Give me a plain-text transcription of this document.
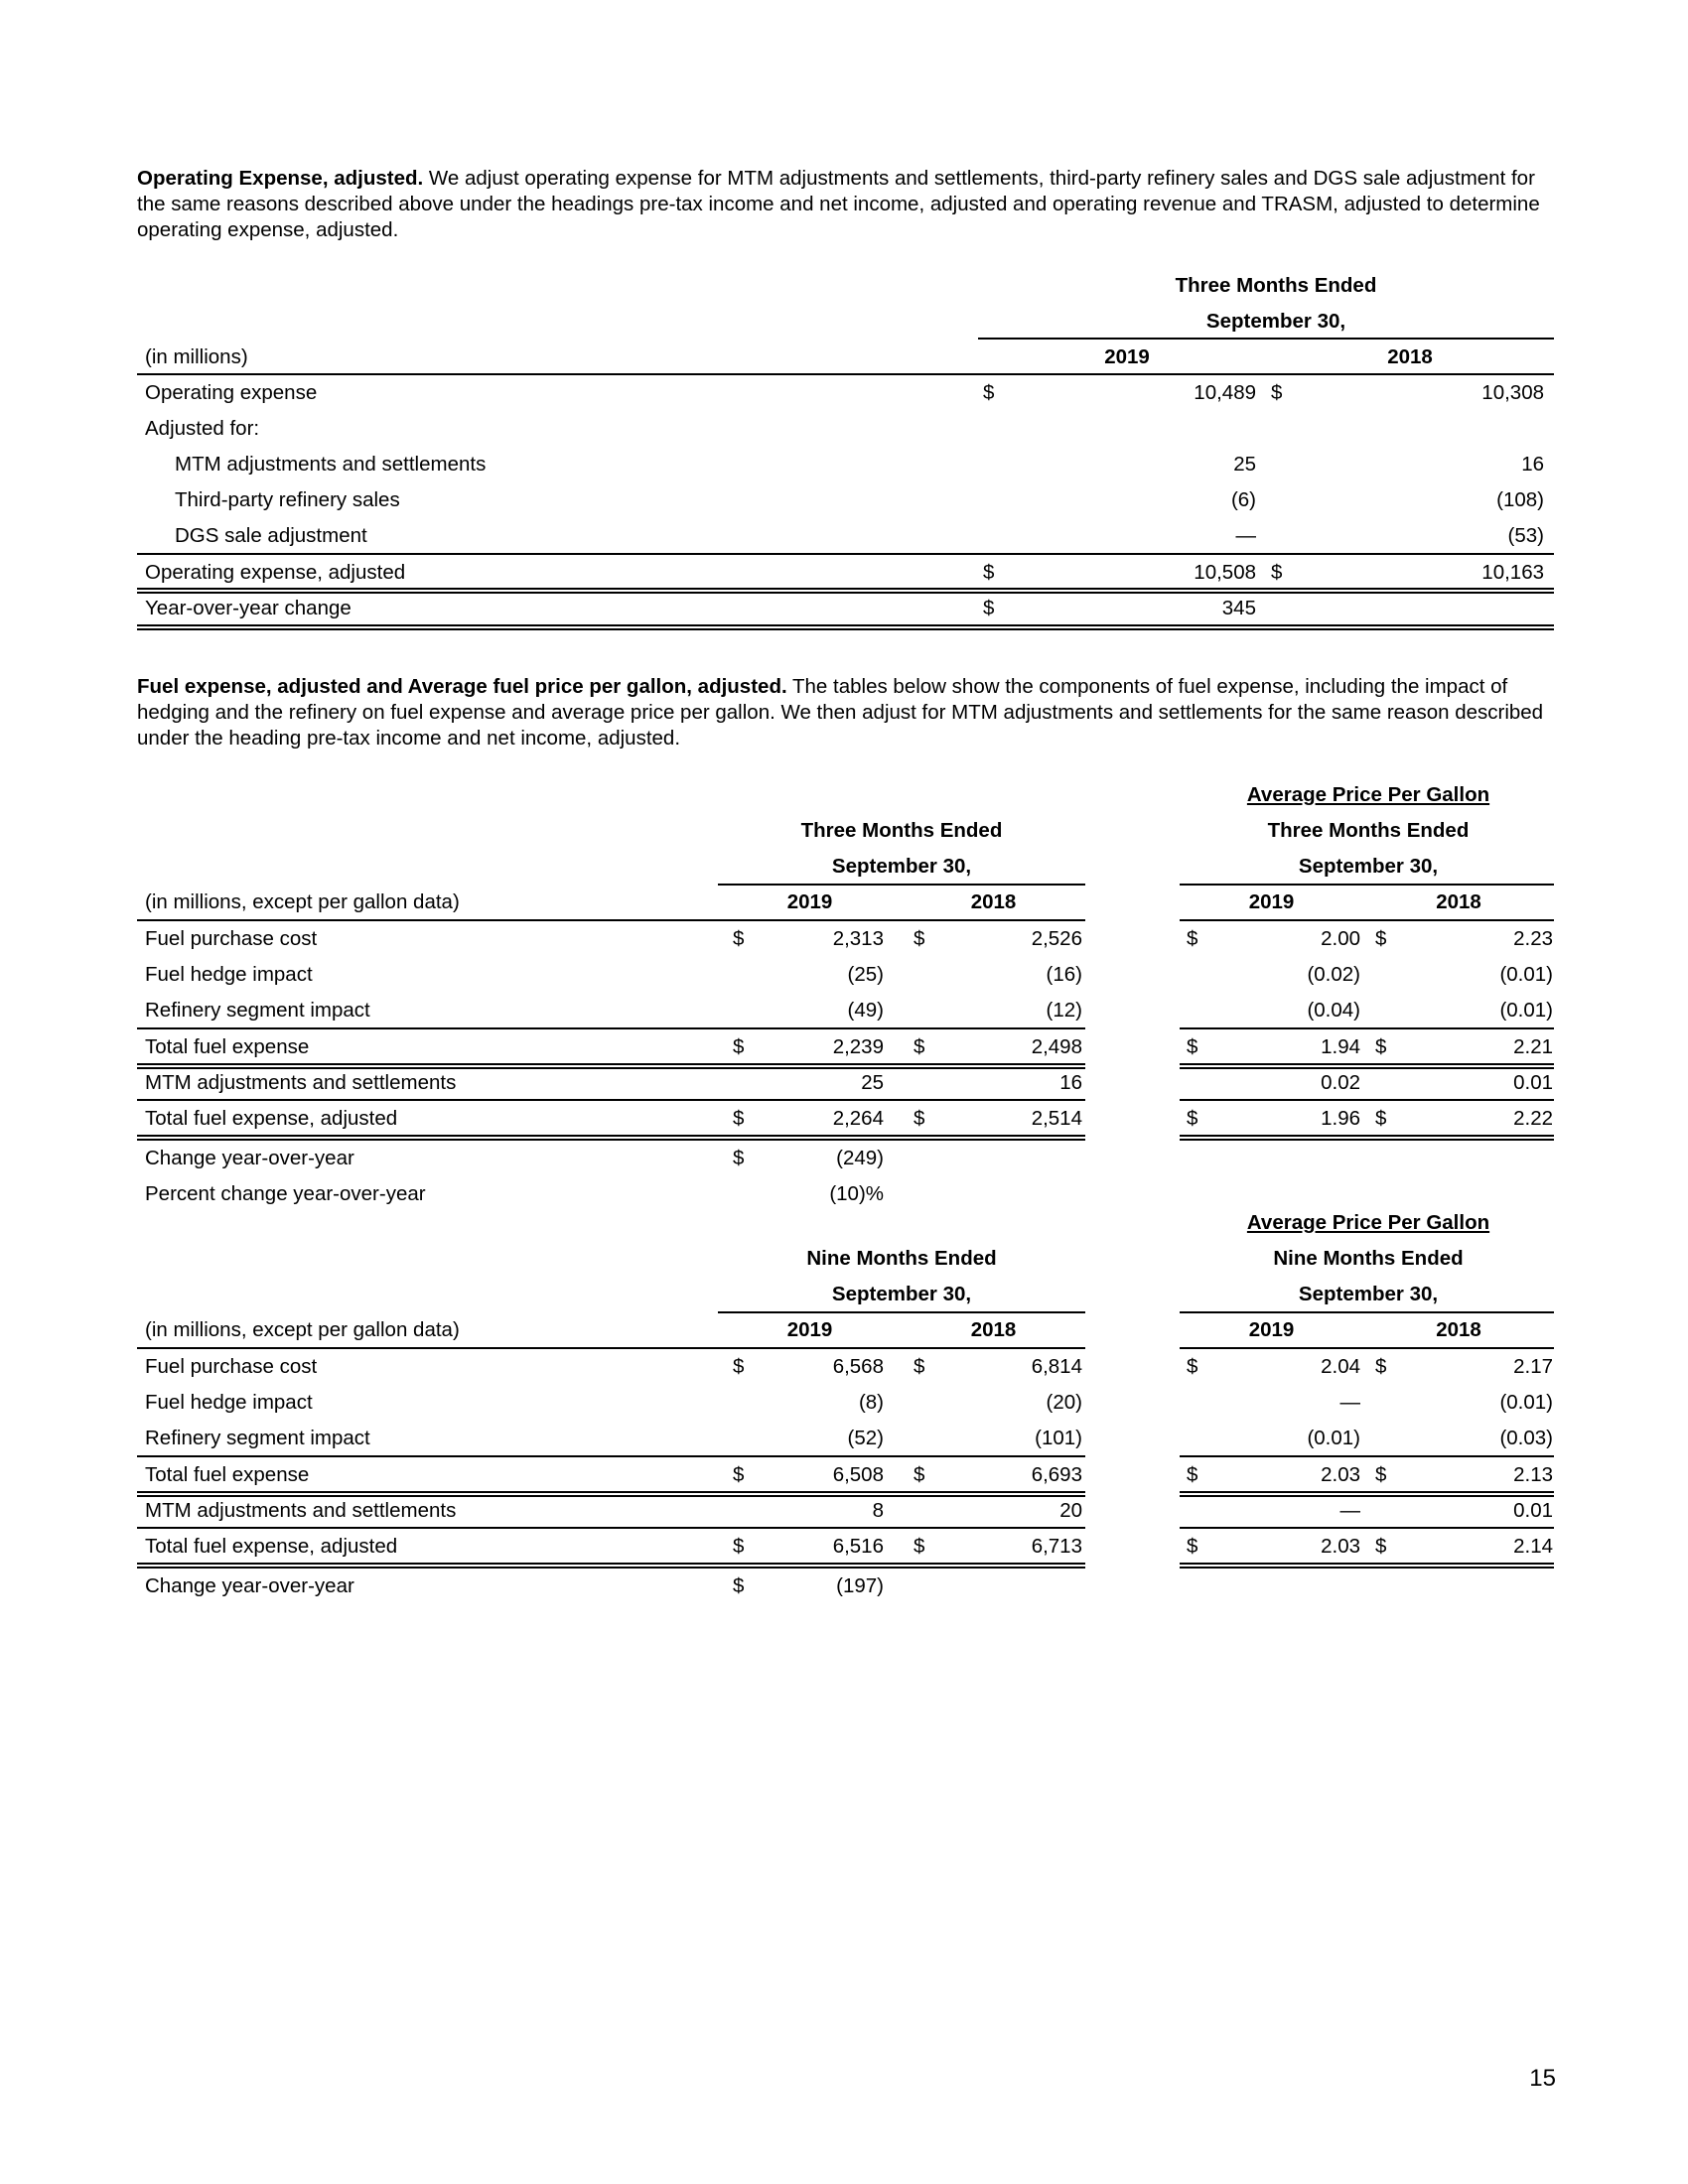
Operating Expense, adjusted. We adjust operating expense for MTM adjustments and settlements, third-party refinery sales and DGS sale adjustment for the same reasons described above under the headings pre-tax income and net income, adjusted and operating revenue and TRASM, adjusted to determine operating expense, adjusted.

Three Months Ended
September 30,
(in millions)	2019	2018
Operating expense	$	10,489 $	10,308
Adjusted for:
MTM adjustments and settlements	25	16
Third-party refinery sales	(6)	(108)
DGS sale adjustment	—	(53)
Operating expense, adjusted	$	10,508 $	10,163
Year-over-year change	$	345

Fuel expense, adjusted and Average fuel price per gallon, adjusted. The tables below show the components of fuel expense, including the impact of hedging and the refinery on fuel expense and average price per gallon. We then adjust for MTM adjustments and settlements for the same reason described under the heading pre-tax income and net income, adjusted.

Average Price Per Gallon
Three Months Ended	Three Months Ended
September 30,	September 30,
(in millions, except per gallon data)	2019	2018	2019	2018
Fuel purchase cost	$	2,313 $	2,526	$	2.00 $	2.23
Fuel hedge impact	(25)	(16)	(0.02)	(0.01)
Refinery segment impact	(49)	(12)	(0.04)	(0.01)
Total fuel expense	$	2,239 $	2,498	$	1.94 $	2.21
MTM adjustments and settlements	25	16	0.02	0.01
Total fuel expense, adjusted	$	2,264 $	2,514	$	1.96 $	2.22
Change year-over-year	$	(249)
Percent change year-over-year	(10)%
Average Price Per Gallon
Nine Months Ended	Nine Months Ended
September 30,	September 30,
(in millions, except per gallon data)	2019	2018	2019	2018
Fuel purchase cost	$	6,568 $	6,814	$	2.04 $	2.17
Fuel hedge impact	(8)	(20)	—	(0.01)
Refinery segment impact	(52)	(101)	(0.01)	(0.03)
Total fuel expense	$	6,508 $	6,693	$	2.03 $	2.13
MTM adjustments and settlements	8	20	—	0.01
Total fuel expense, adjusted	$	6,516 $	6,713	$	2.03 $	2.14
Change year-over-year	$	(197)
15
